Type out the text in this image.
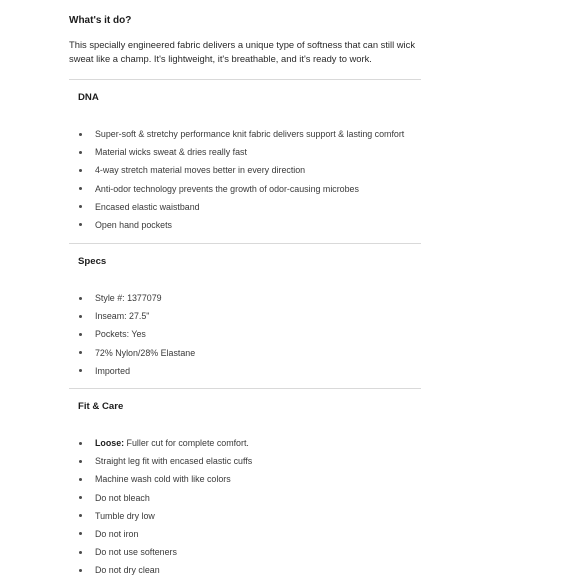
What's it do?
This specially engineered fabric delivers a unique type of softness that can still wick sweat like a champ. It's lightweight, it's breathable, and it's ready to work.
DNA
Super-soft & stretchy performance knit fabric delivers support & lasting comfort
Material wicks sweat & dries really fast
4-way stretch material moves better in every direction
Anti-odor technology prevents the growth of odor-causing microbes
Encased elastic waistband
Open hand pockets
Specs
Style #: 1377079
Inseam: 27.5"
Pockets: Yes
72% Nylon/28% Elastane
Imported
Fit & Care
Loose: Fuller cut for complete comfort.
Straight leg fit with encased elastic cuffs
Machine wash cold with like colors
Do not bleach
Tumble dry low
Do not iron
Do not use softeners
Do not dry clean
